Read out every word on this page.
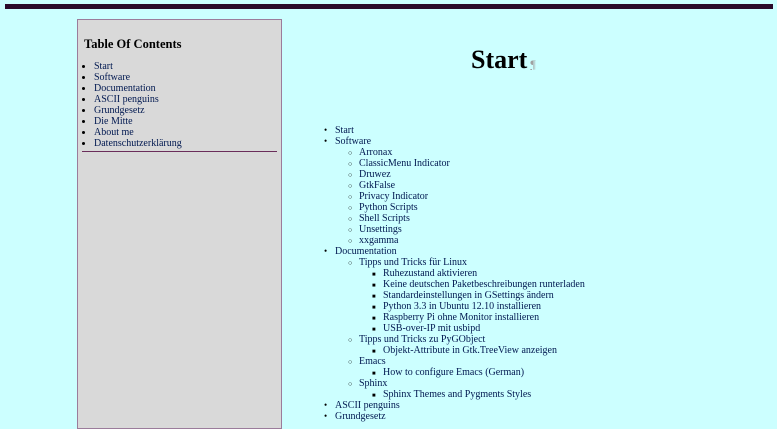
Table Of Contents
• Start
• Software
• Documentation
• ASCII penguins
• Grundgesetz
• Die Mitte
• About me
• Datenschutzerklärung
Start ¶
• Start
• Software
○ Arronax
○ ClassicMenu Indicator
○ Druwez
○ GtkFalse
○ Privacy Indicator
○ Python Scripts
○ Shell Scripts
○ Unsettings
○ xxgamma
• Documentation
○ Tipps und Tricks für Linux
■ Ruhezustand aktivieren
■ Keine deutschen Paketbeschreibungen runterladen
■ Standardeinstellungen in GSettings ändern
■ Python 3.3 in Ubuntu 12.10 installieren
■ Raspberry Pi ohne Monitor installieren
■ USB-over-IP mit usbipd
○ Tipps und Tricks zu PyGObject
■ Objekt-Attribute in Gtk.TreeView anzeigen
○ Emacs
■ How to configure Emacs (German)
○ Sphinx
■ Sphinx Themes and Pygments Styles
• ASCII penguins
• Grundgesetz
